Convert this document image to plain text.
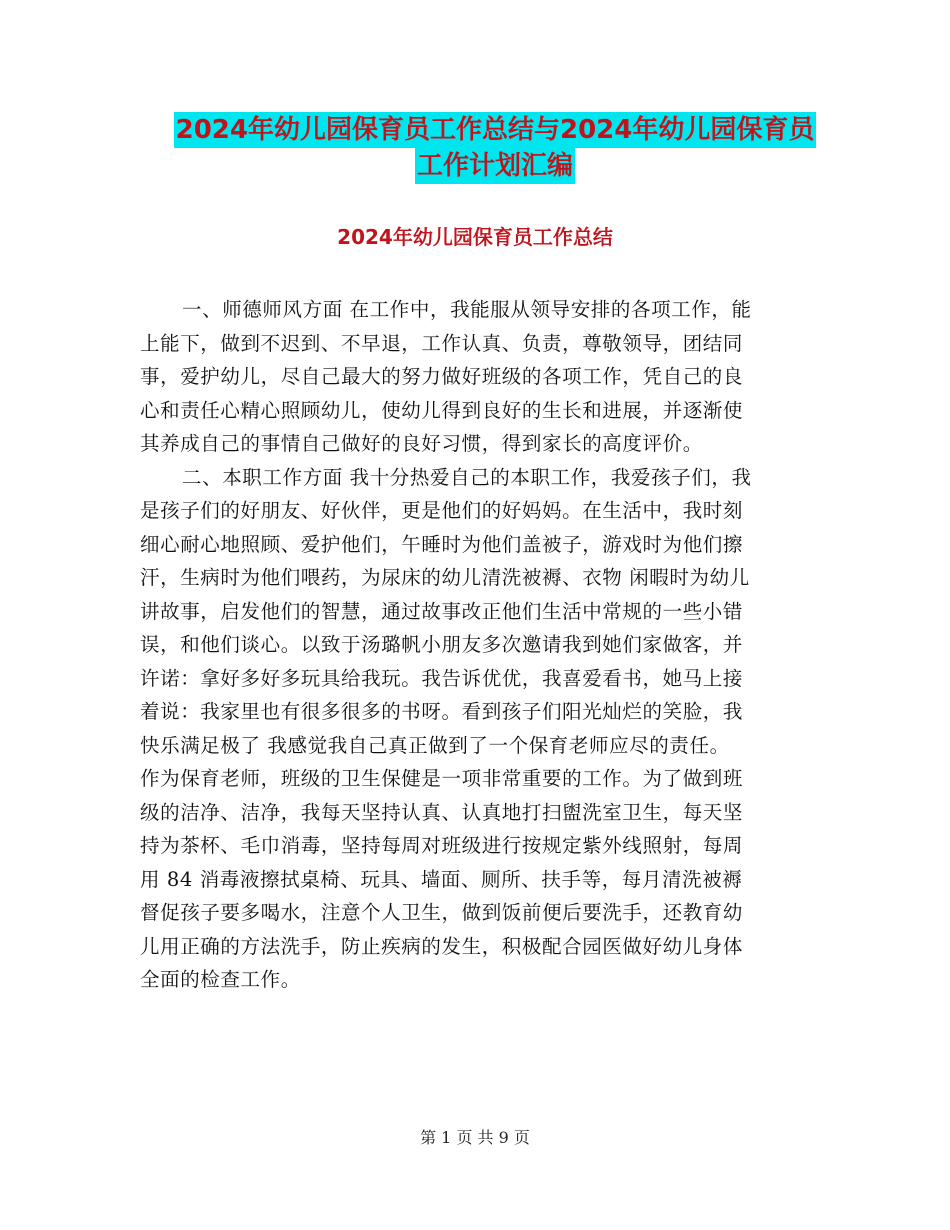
2024年幼儿园保育员工作总结与2024年幼儿园保育员
工作计划汇编
2024年幼儿园保育员工作总结
一、师德师风方面 在工作中，我能服从领导安排的各项工作，能
上能下，做到不迟到、不早退，工作认真、负责，尊敬领导，团结同
事，爱护幼儿，尽自己最大的努力做好班级的各项工作，凭自己的良
心和责任心精心照顾幼儿，使幼儿得到良好的生长和进展，并逐渐使
其养成自己的事情自己做好的良好习惯，得到家长的高度评价。
二、本职工作方面 我十分热爱自己的本职工作，我爱孩子们，我
是孩子们的好朋友、好伙伴，更是他们的好妈妈。在生活中，我时刻
细心耐心地照顾、爱护他们，午睡时为他们盖被子，游戏时为他们擦
汗，生病时为他们喂药，为尿床的幼儿清洗被褥、衣物 闲暇时为幼儿
讲故事，启发他们的智慧，通过故事改正他们生活中常规的一些小错
误，和他们谈心。以致于汤璐帆小朋友多次邀请我到她们家做客，并
许诺：拿好多好多玩具给我玩。我告诉优优，我喜爱看书，她马上接
着说：我家里也有很多很多的书呀。看到孩子们阳光灿烂的笑脸，我
快乐满足极了 我感觉我自己真正做到了一个保育老师应尽的责任。
作为保育老师，班级的卫生保健是一项非常重要的工作。为了做到班
级的洁净、洁净，我每天坚持认真、认真地打扫盥洗室卫生，每天坚
持为茶杯、毛巾消毒，坚持每周对班级进行按规定紫外线照射，每周
用 84 消毒液擦拭桌椅、玩具、墙面、厕所、扶手等，每月清洗被褥
督促孩子要多喝水，注意个人卫生，做到饭前便后要洗手，还教育幼
儿用正确的方法洗手，防止疾病的发生，积极配合园医做好幼儿身体
全面的检查工作。
第 1 页 共 9 页
